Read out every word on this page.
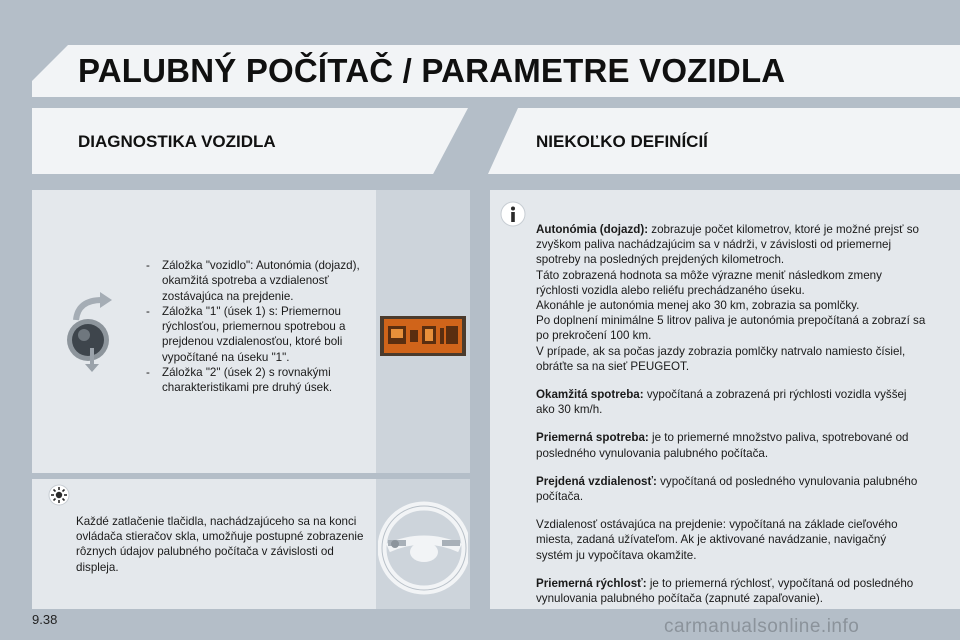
PALUBNÝ POČÍTAČ / PARAMETRE VOZIDLA
DIAGNOSTIKA VOZIDLA	NIEKOĽKO DEFINÍCIÍ
- Záložka "vozidlo": Autonómia (dojazd), okamžitá spotreba a vzdialenosť zostávajúca na prejdenie.
- Záložka "1" (úsek 1) s: Priemernou rýchlosťou, priemernou spotrebou a prejdenou vzdialenosťou, ktoré boli vypočítané na úseku "1".
- Záložka "2" (úsek 2) s rovnakými charakteristikami pre druhý úsek.

Každé zatlačenie tlačidla, nachádzajúceho sa na konci ovládača stieračov skla, umožňuje postupné zobrazenie rôznych údajov palubného počítača v závislosti od displeja.

Autonómia (dojazd): zobrazuje počet kilometrov, ktoré je možné prejsť so zvyškom paliva nachádzajúcim sa v nádrži, v závislosti od priemernej spotreby na posledných prejdených kilometroch.
Táto zobrazená hodnota sa môže výrazne meniť následkom zmeny rýchlosti vozidla alebo reliéfu prechádzaného úseku.
Akonáhle je autonómia menej ako 30 km, zobrazia sa pomlčky.
Po doplnení minimálne 5 litrov paliva je autonómia prepočítaná a zobrazí sa po prekročení 100 km.
V prípade, ak sa počas jazdy zobrazia pomlčky natrvalo namiesto čísiel, obráťte sa na sieť PEUGEOT.

Okamžitá spotreba: vypočítaná a zobrazená pri rýchlosti vozidla vyššej ako 30 km/h.

Priemerná spotreba: je to priemerné množstvo paliva, spotrebované od posledného vynulovania palubného počítača.

Prejdená vzdialenosť: vypočítaná od posledného vynulovania palubného počítača.

Vzdialenosť ostávajúca na prejdenie: vypočítaná na základe cieľového miesta, zadaná užívateľom. Ak je aktivované navádzanie, navigačný systém ju vypočítava okamžite.

Priemerná rýchlosť: je to priemerná rýchlosť, vypočítaná od posledného vynulovania palubného počítača (zapnuté zapaľovanie).

9.38	carmanualsonline.info
